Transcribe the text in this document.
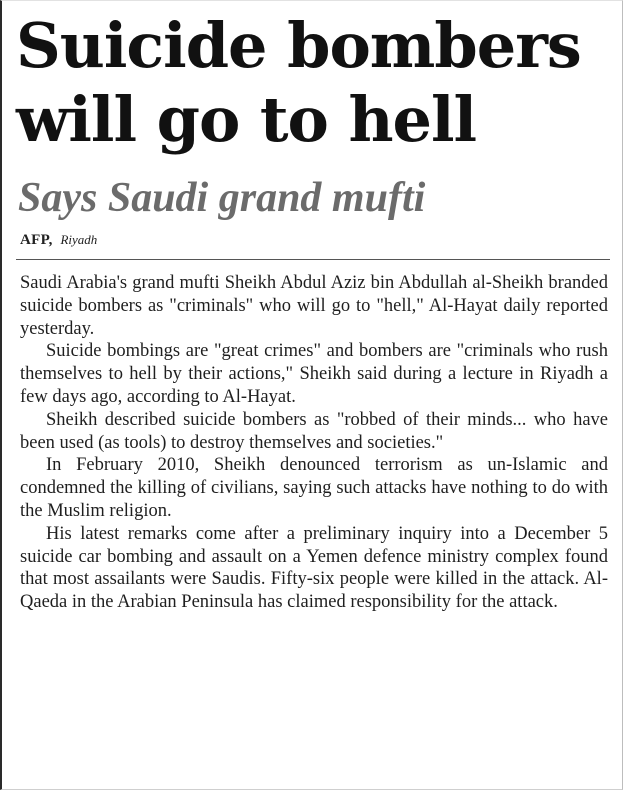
Suicide bombers
will go to hell
Says Saudi grand mufti
AFP, Riyadh

Saudi Arabia's grand mufti Sheikh Abdul Aziz bin Abdullah al-Sheikh branded suicide bombers as "criminals" who will go to "hell," Al-Hayat daily reported yesterday.

Suicide bombings are "great crimes" and bombers are "criminals who rush themselves to hell by their actions," Sheikh said during a lecture in Riyadh a few days ago, according to Al-Hayat.

Sheikh described suicide bombers as "robbed of their minds... who have been used (as tools) to destroy themselves and societies."

In February 2010, Sheikh denounced terrorism as un-Islamic and condemned the killing of civilians, saying such attacks have nothing to do with the Muslim religion.

His latest remarks come after a preliminary inquiry into a December 5 suicide car bombing and assault on a Yemen defence ministry complex found that most assailants were Saudis. Fifty-six people were killed in the attack. Al-Qaeda in the Arabian Peninsula has claimed responsibility for the attack.
